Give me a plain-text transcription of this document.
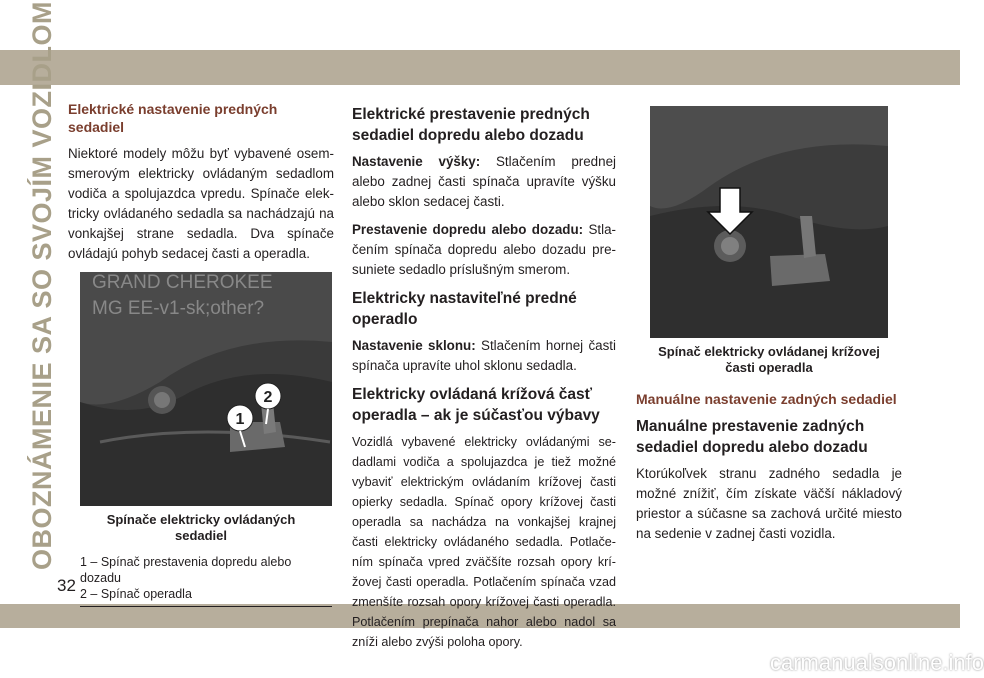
OBOZNÁMENIE SA SO SVOJÍM VOZIDLOM
32
Elektrické nastavenie predných sedadiel
Niektoré modely môžu byť vybavené osem-smerovým elektricky ovládaným sedadlom vodiča a spolujazdca vpredu. Spínače elek-tricky ovládaného sedadla sa nachádzajú na vonkajšej strane sedadla. Dva spínače ovládajú pohyb sedacej časti a operadla.
GRAND CHEROKEE
MG EE-v1-sk;other?
1
2
Spínače elektricky ovládaných
sedadiel
1 – Spínač prestavenia dopredu alebo
dozadu
2 – Spínač operadla
Elektrické prestavenie predných
sedadiel dopredu alebo dozadu
Nastavenie výšky: Stlačením prednej alebo zadnej časti spínača upravíte výšku alebo sklon sedacej časti.
Prestavenie dopredu alebo dozadu: Stla-čením spínača dopredu alebo dozadu pre-suniete sedadlo príslušným smerom.
Elektricky nastaviteľné predné operadlo
Nastavenie sklonu: Stlačením hornej časti spínača upravíte uhol sklonu sedadla.
Elektricky ovládaná krížová časť
operadla – ak je súčasťou výbavy
Vozidlá vybavené elektricky ovládanými se-dadlami vodiča a spolujazdca je tiež možné vybaviť elektrickým ovládaním krížovej časti opierky sedadla. Spínač opory krížovej časti operadla sa nachádza na vonkajšej krajnej časti elektricky ovládaného sedadla. Potlače-ním spínača vpred zväčšíte rozsah opory krí-žovej časti operadla. Potlačením spínača vzad zmenšíte rozsah opory krížovej časti operadla. Potlačením prepínača nahor alebo nadol sa zníži alebo zvýši poloha opory.
Spínač elektricky ovládanej krížovej
časti operadla
Manuálne nastavenie zadných sedadiel
Manuálne prestavenie zadných
sedadiel dopredu alebo dozadu
Ktorúkoľvek stranu zadného sedadla je možné znížiť, čím získate väčší nákladový priestor a súčasne sa zachová určité miesto na sedenie v zadnej časti vozidla.
carmanualsonline.info
